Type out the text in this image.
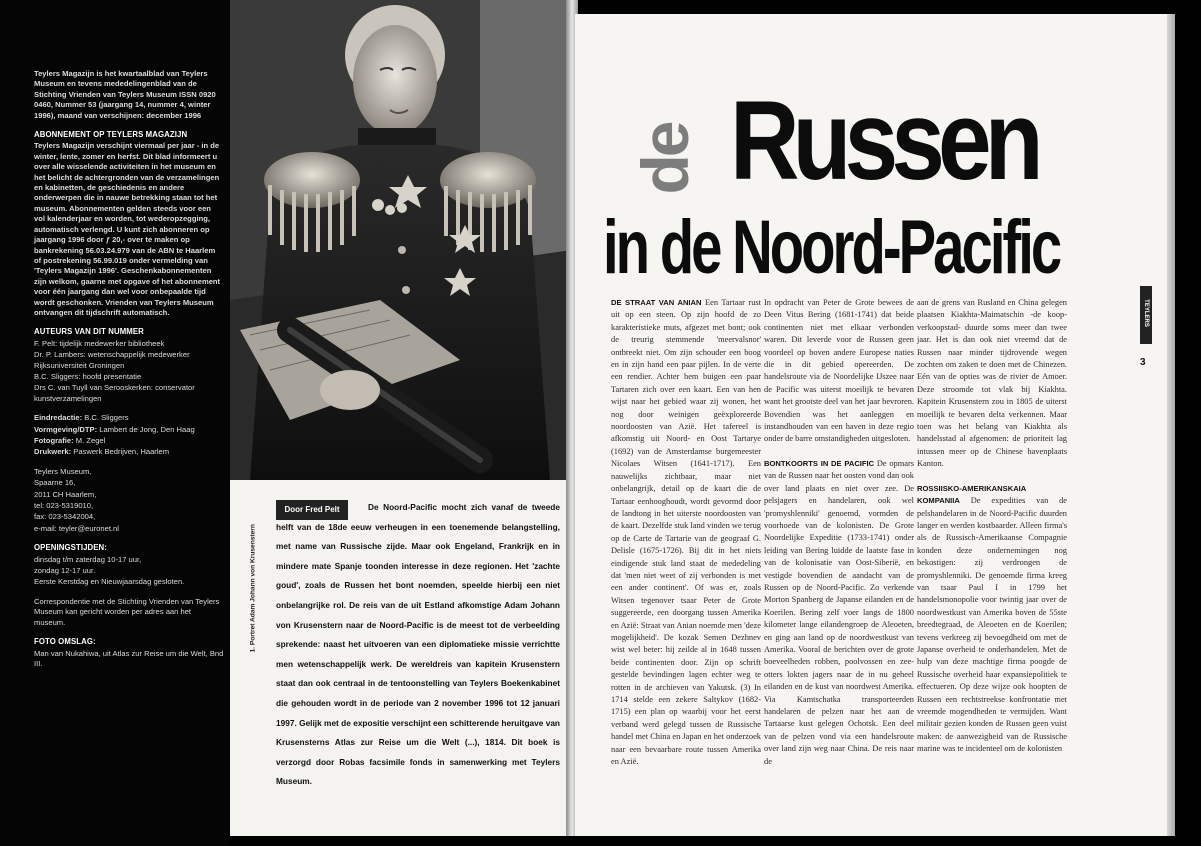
Teylers Magazijn is het kwartaalblad van Teylers Museum en tevens mededelingenblad van de Stichting Vrienden van Teylers Museum ISSN 0920 0460, Nummer 53 (jaargang 14, nummer 4, winter 1996), maand van verschijnen: december 1996

ABONNEMENT OP TEYLERS MAGAZIJN

Teylers Magazijn verschijnt viermaal per jaar - in de winter, lente, zomer en herfst. Dit blad informeert u over alle wisselende activiteiten in het museum en het belicht de achtergronden van de verzamelingen en kabinetten, de geschiedenis en andere onderwerpen die in nauwe betrekking staan tot het museum. Abonnementen gelden steeds voor een vol kalenderjaar en worden, tot wederopzegging, automatisch verlengd. U kunt zich abonneren op jaargang 1996 door ƒ 20,- over te maken op bankrekening 56.03.24.979 van de ABN te Haarlem of postrekening 56.99.019 onder vermelding van 'Teylers Magazijn 1996'. Geschenkabonnementen zijn welkom, gaarne met opgave of het abonnement voor één jaargang dan wel voor onbepaalde tijd wordt geschonken. Vrienden van Teylers Museum ontvangen dit tijdschrift automatisch.

AUTEURS VAN DIT NUMMER

F. Pelt: tijdelijk medewerker bibliotheek

Dr. P. Lambers: wetenschappelijk medewerker Rijksuniversiteit Groningen

B.C. Sliggers: hoofd presentatie

Drs C. van Tuyll van Serooskerken: conservator kunstverzamelingen

Eindredactie: B.C. Sliggers

Vormgeving/DTP: Lambert de Jong, Den Haag

Fotografie: M. Zegel

Drukwerk: Paswerk Bedrijven, Haarlem

Teylers Museum,

Spaarne 16,

2011 CH Haarlem,

tel: 023-5319010,

fax: 023-5342004,

e-mail: teyler@euronet.nl

OPENINGSTIJDEN:

dinsdag t/m zaterdag 10-17 uur,

zondag 12-17 uur.

Eerste Kerstdag en Nieuwjaarsdag gesloten.

Correspondentie met de Stichting Vrienden van Teylers Museum kan gericht worden per adres aan het museum.

FOTO OMSLAG:

Man van Nukahiwa, uit Atlas zur Reise um die Welt, Bnd III.

1. Portret Adam Johann von Krusenstern
Door Fred Pelt	De Noord-Pacific mocht zich vanaf de tweede helft van de 18de eeuw verheugen in een toenemende belangstelling, met name van Russische zijde. Maar ook Engeland, Frankrijk en in mindere mate Spanje toonden interesse in deze regionen. Het 'zachte goud', zoals de Russen het bont noemden, speelde hierbij een niet onbelangrijke rol. De reis van de uit Estland afkomstige Adam Johann von Krusenstern naar de Noord-Pacific is de meest tot de verbeelding sprekende: naast het uitvoeren van een diplomatieke missie verrichtte men wetenschappelijk werk. De wereldreis van kapitein Krusenstern staat dan ook centraal in de tentoonstelling van Teylers Boekenkabinet die gehouden wordt in de periode van 2 november 1996 tot 12 januari 1997. Gelijk met de expositie verschijnt een schitterende heruitgave van Krusensterns Atlas zur Reise um die Welt (...), 1814. Dit boek is verzorgd door Robas facsimile fonds in samenwerking met Teylers Museum.
de Russen
in de Noord-Pacific

DE STRAAT VAN ANIAN Een Tartaar rust uit op een steen. Op zijn hoofd de zo karakteristieke muts, afgezet met bont; ook de treurig stemmende 'meervalsnor' ontbreekt niet. Om zijn schouder een boog en in zijn hand een paar pijlen. In de verte een rendier. Achter hem buigen een paar Tartaren zich over een kaart. Een van hen wijst naar het gebied waar zij wonen, het nog door weinigen geëxploreerde noordoosten van Azië. Het tafereel is afkomstig uit Noord- en Oost Tartarye (1692) van de Amsterdamse burgemeester Nicolaes Witsen (1641-1717). Een nauwelijks zichtbaar, maar niet onbelangrijk, detail op de kaart die de Tartaar eenhooghoudt, wordt gevormd door de landtong in het uiterste noordoosten van de kaart. Dezelfde stuk land vinden we terug op de Carte de Tartarie van de geograaf G. Delisle (1675-1726). Bij dit in het niets eindigende stuk land staat de mededeling dat 'men niet weet of zij verbonden is met een ander continent'. Of was er, zoals Witsen tegenover tsaar Peter de Grote suggereerde, een doorgang tussen Amerika en Azië: Straat van Anian noemde men 'deze mogelijkheid'. De kozak Semen Dezhnev wist wel beter: hij zeilde al in 1648 tussen beide continenten door. Zijn op schrift gestelde bevindingen lagen echter weg te rotten in de archieven van Yakutsk. (3) In 1714 stelde een zekere Saltykov (1682-1715) een plan op waarbij voor het eerst verband werd gelegd tussen de Russische handel met China en Japan en het onderzoek naar een bevaarbare route tussen Amerika en Azië.

In opdracht van Peter de Grote bewees de Deen Vitus Bering (1681-1741) dat beide continenten niet met elkaar verbonden waren. Dit leverde voor de Russen geen voordeel op boven andere Europese naties die in dit gebied opereerden. De handelsroute via de Noordelijke IJszee naar de Pacific was uiterst moeilijk te bevaren want het grootste deel van het jaar bevroren. Bovendien was het aanleggen en instandhouden van een haven in deze regio onder de barre omstandigheden uitgesloten.

BONTKOORTS IN DE PACIFIC De opmars van de Russen naar het oosten vond dan ook over land plaats en niet over zee. De pelsjagers en handelaren, ook wel 'promyshlenniki' genoemd, vormden de voorhoede van de kolonisten. De Grote Noordelijke Expeditie (1733-1741) onder leiding van Bering luidde de laatste fase in van de kolonisatie van Oost-Siberië, en vestigde bovendien de aandacht van de Russen op de Noord-Pacific. Zo verkende Morton Spanberg de Japanse eilanden en de Koerilen. Bering zelf voer langs de 1800 kilometer lange eilandengroep de Aleoeten, en ging aan land op de noordwestkust van Amerika. Vooral de berichten over de grote boeveelheden robben, poolvossen en zee-otters lokten jagers naar de in nu geheel eilanden en de kust van noordwest Amerika. Via Kamtschatka transporteerden handelaren de pelzen naar het aan de Tartaarse kust gelegen Ochotsk. Een deel van de pelzen vond via een handelsroute over land zijn weg naar China. De reis naar de

aan de grens van Rusland en China gelegen plaatsen Kiakhta-Maimatschin -de koop-verkoopstad- duurde soms meer dan twee jaar. Het is dan ook niet vreemd dat de Russen naar minder tijdrovende wegen zochten om zaken te doen met de Chinezen. Eén van de opties was de rivier de Amoer. Deze stroomde tot vlak bij Kiakhta. Kapitein Krusenstern zou in 1805 de uiterst moeilijk te bevaren delta verkennen. Maar toen was het belang van Kiakhta als handelsstad al afgenomen: de prioriteit lag intussen meer op de Chinese havenplaats Kanton.

ROSSIISKO-AMERIKANSKAIA KOMPANIIA De expedities van de pelshandelaren in de Noord-Pacific duurden langer en werden kostbaarder. Alleen firma's als de Russisch-Amerikaanse Compagnie konden deze ondernemingen nog bekostigen: zij verdrongen de promyshlenniki. De genoemde firma kreeg van tsaar Paul I in 1799 het handelsmonopolie voor twintig jaar over de noordwestkust van Amerika boven de 55ste breedtegraad, de Aleoeten en de Koerilen; tevens verkreeg zij bevoegdheid om met de Japanse overheid te onderhandelen. Met de hulp van deze machtige firma poogde de Russische overheid haar expansiepolitiek te effectueren. Op deze wijze ook hoopten de Russen een rechtstreekse konfrontatie met vreemde mogendheden te vermijden. Want militair gezien konden de Russen geen vuist maken: de aanwezigheid van de Russische marine was te incidenteel om de kolonisten

TEYLERS
3
